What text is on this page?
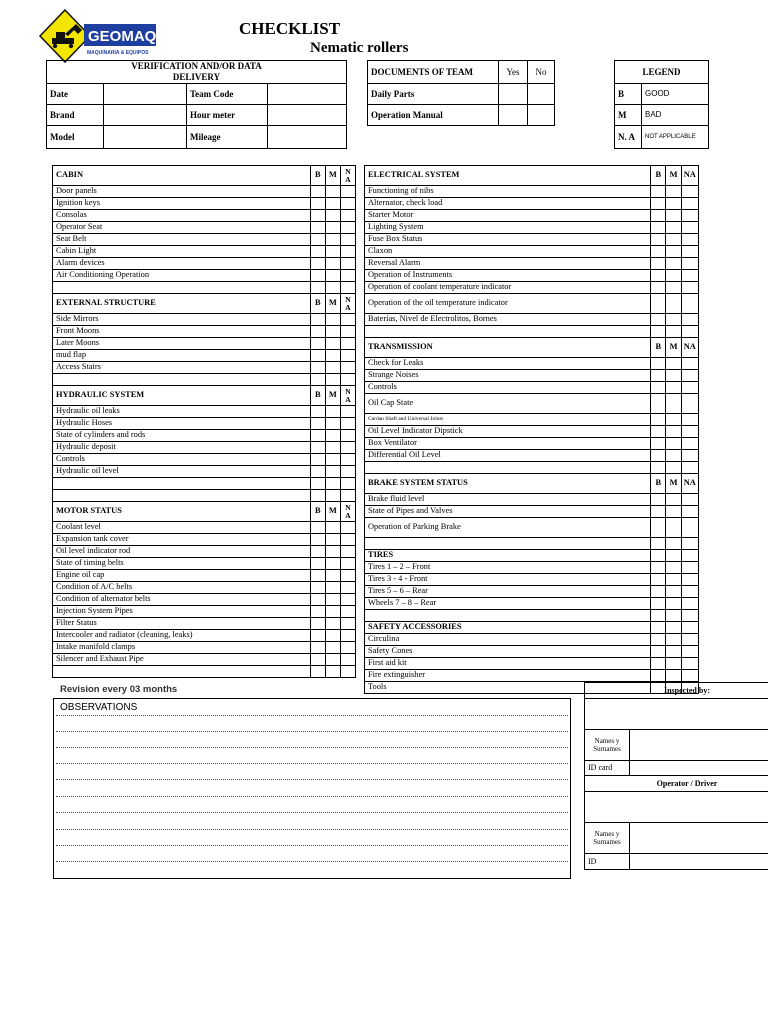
GEOMAQ
MAQUINARIA & EQUIPOS
CHECKLIST
Nematic rollers
VERIFICATION AND/OR DATA DELIVERY			
Date		Team Code	
Brand		Hour meter	
Model		Mileage	
DOCUMENTS OF TEAM	Yes	No
Daily Parts		
Operation Manual		
LEGEND	
B	GOOD
M	BAD
N. A	NOT APPLICABLE
CABIN	B	M	N A
Door panels			
Ignition keys			
Consolas			
Operator Seat			
Seat Belt			
Cabin Light			
Alarm devices			
Air Conditioning Operation			

EXTERNAL STRUCTURE	B	M	N A
Side Mirrors			
Front Moons			
Later Moons			
mud flap			
Access Stairs			

HYDRAULIC SYSTEM	B	M	N A
Hydraulic oil leaks			
Hydraulic Hoses			
State of cylinders and rods			
Hydraulic deposit			
Controls			
Hydraulic oil level			

MOTOR STATUS	B	M	N A
Coolant level			
Expansion tank cover			
Oil level indicator rod			
State of timing belts			
Engine oil cap			
Condition of A/C belts			
Condition of alternator belts			
Injection System Pipes			
Filter Status			
Intercooler and radiator (cleaning, leaks)			
Intake manifold clamps			
Silencer and Exhaust Pipe			

ELECTRICAL SYSTEM	B	M	NA
Functioning of nibs			
Alternator, check load			
Starter Motor			
Lighting System			
Fuse Box Status			
Claxon			
Reversal Alarm			
Operation of Instruments			
Operation of coolant temperature indicator			
Operation of the oil temperature indicator			
Baterías, Nivel de Electrolitos, Bornes			

TRANSMISSION	B	M	NA
Check for Leaks			
Strange Noises			
Controls			
Oil Cap State			
Cardan Shaft and Universal Joints			
Oil Level Indicator Dipstick			
Box Ventilator			
Differential Oil Level			

BRAKE SYSTEM STATUS	B	M	NA
Brake fluid level			
State of Pipes and Valves			
Operation of Parking Brake			

TIRES			
Tires 1 – 2 – Front			
Tires 3 - 4 - Front			
Tires 5 – 6 – Rear			
Wheels 7 – 8 – Rear			

SAFETY ACCESSORIES			
Circulina			
Safety Cones			
First aid kit			
Fire extinguisher			
Tools			
Revision every 03 months
OBSERVATIONS
Inspected by:	

Names y Surnames	
ID card	
Operator / Driver	

Names y Surnames	
ID	
